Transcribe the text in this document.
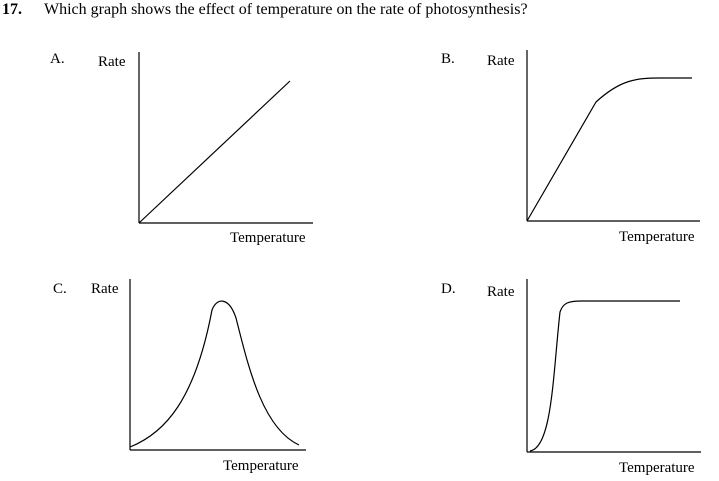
17. Which graph shows the effect of temperature on the rate of photosynthesis?
A. Rate
Temperature
B. Rate
Temperature
C. Rate
Temperature
D. Rate
Temperature
